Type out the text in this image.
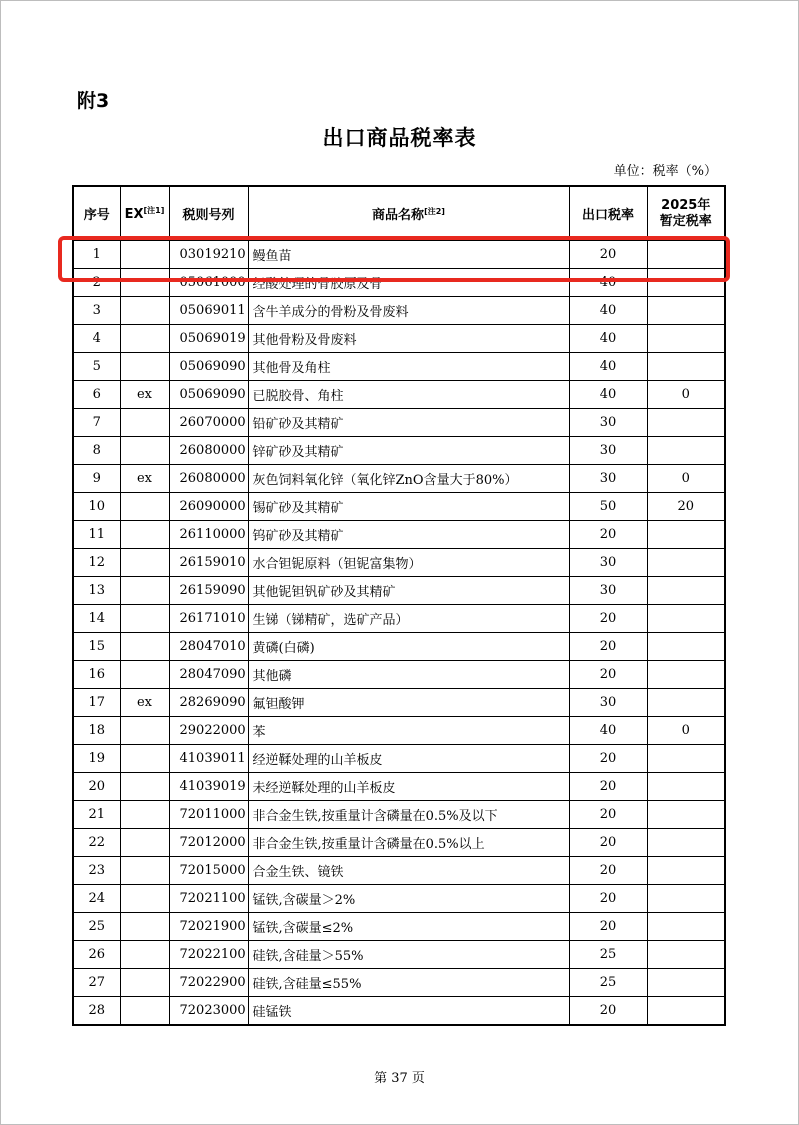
附3
出口商品税率表
单位：税率（%）
序号	EX[注1]	税则号列	商品名称[注2]	出口税率	2025年
暂定税率
1		03019210	鳗鱼苗	20	
2		05061000	经酸处理的骨胶原及骨	40	
3		05069011	含牛羊成分的骨粉及骨废料	40	
4		05069019	其他骨粉及骨废料	40	
5		05069090	其他骨及角柱	40	
6	ex	05069090	已脱胶骨、角柱	40	0
7		26070000	铅矿砂及其精矿	30	
8		26080000	锌矿砂及其精矿	30	
9	ex	26080000	灰色饲料氧化锌（氧化锌ZnO含量大于80%）	30	0
10		26090000	锡矿砂及其精矿	50	20
11		26110000	钨矿砂及其精矿	20	
12		26159010	水合钽铌原料（钽铌富集物）	30	
13		26159090	其他铌钽钒矿砂及其精矿	30	
14		26171010	生锑（锑精矿，选矿产品）	20	
15		28047010	黄磷(白磷)	20	
16		28047090	其他磷	20	
17	ex	28269090	氟钽酸钾	30	
18		29022000	苯	40	0
19		41039011	经逆鞣处理的山羊板皮	20	
20		41039019	未经逆鞣处理的山羊板皮	20	
21		72011000	非合金生铁,按重量计含磷量在0.5%及以下	20	
22		72012000	非合金生铁,按重量计含磷量在0.5%以上	20	
23		72015000	合金生铁、镜铁	20	
24		72021100	锰铁,含碳量＞2%	20	
25		72021900	锰铁,含碳量≤2%	20	
26		72022100	硅铁,含硅量＞55%	25	
27		72022900	硅铁,含硅量≤55%	25	
28		72023000	硅锰铁	20	
第 37 页
